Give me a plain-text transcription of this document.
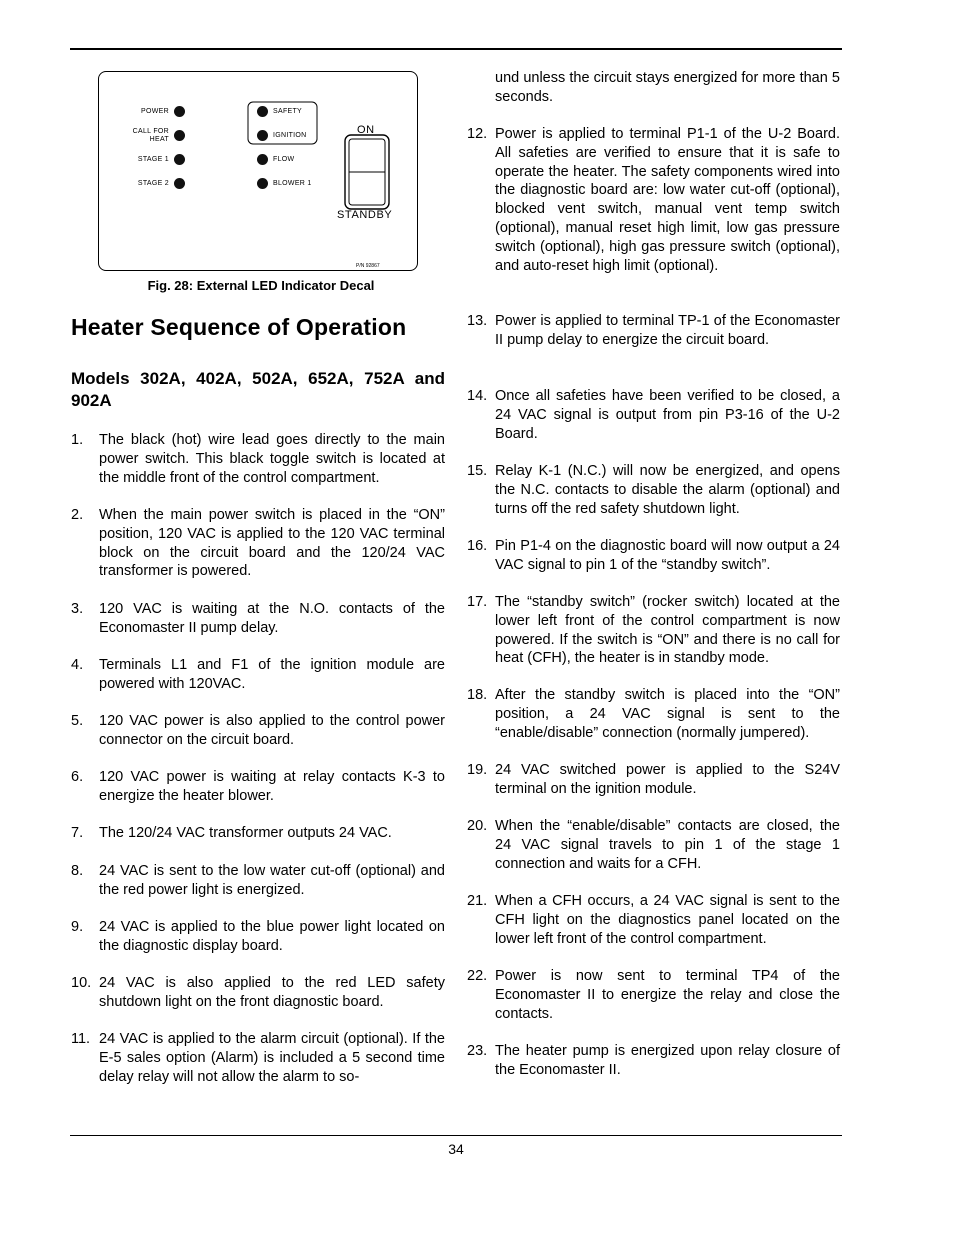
POWER
CALL FOR
HEAT
STAGE 1
STAGE 2
SAFETY
IGNITION
FLOW
BLOWER 1
ON
STANDBY
P/N 92867
Fig. 28: External LED Indicator Decal
Heater Sequence of Operation
Models 302A, 402A, 502A, 652A, 752A and 902A
1. The black (hot) wire lead goes directly to the main power switch. This black toggle switch is located at the middle front of the control compartment.
2. When the main power switch is placed in the “ON” position, 120 VAC is applied to the 120 VAC terminal block on the circuit board and the 120/24 VAC transformer is powered.
3. 120 VAC is waiting at the N.O. contacts of the Economaster II pump delay.
4. Terminals L1 and F1 of the ignition module are powered with 120VAC.
5. 120 VAC power is also applied to the control power connector on the circuit board.
6. 120 VAC power is waiting at relay contacts K-3 to energize the heater blower.
7. The 120/24 VAC transformer outputs 24 VAC.
8. 24 VAC is sent to the low water cut-off (optional) and the red power light is energized.
9. 24 VAC is applied to the blue power light located on the diagnostic display board.
10. 24 VAC is also applied to the red LED safety shutdown light on the front diagnostic board.
11. 24 VAC is applied to the alarm circuit (optional). If the E-5 sales option (Alarm) is included a 5 second time delay relay will not allow the alarm to so-
und unless the circuit stays energized for more than 5 seconds.
12. Power is applied to terminal P1-1 of the U-2 Board. All safeties are verified to ensure that it is safe to operate the heater. The safety components wired into the diagnostic board are: low water cut-off (optional), blocked vent switch, manual vent temp switch (optional), manual reset high limit, low gas pressure switch (optional), high gas pressure switch (optional), and auto-reset high limit (optional).
13. Power is applied to terminal TP-1 of the Economaster II pump delay to energize the circuit board.
14. Once all safeties have been verified to be closed, a 24 VAC signal is output from pin P3-16 of the U-2 Board.
15. Relay K-1 (N.C.) will now be energized, and opens the N.C. contacts to disable the alarm (optional) and turns off the red safety shutdown light.
16. Pin P1-4 on the diagnostic board will now output a 24 VAC signal to pin 1 of the “standby switch”.
17. The “standby switch” (rocker switch) located at the lower left front of the control compartment is now powered. If the switch is “ON” and there is no call for heat (CFH), the heater is in standby mode.
18. After the standby switch is placed into the “ON” position, a 24 VAC signal is sent to the “enable/disable” connection (normally jumpered).
19. 24 VAC switched power is applied to the S24V terminal on the ignition module.
20. When the “enable/disable” contacts are closed, the 24 VAC signal travels to pin 1 of the stage 1 connection and waits for a CFH.
21. When a CFH occurs, a 24 VAC signal is sent to the CFH light on the diagnostics panel located on the lower left front of the control compartment.
22. Power is now sent to terminal TP4 of the Economaster II to energize the relay and close the contacts.
23. The heater pump is energized upon relay closure of the Economaster II.
34
